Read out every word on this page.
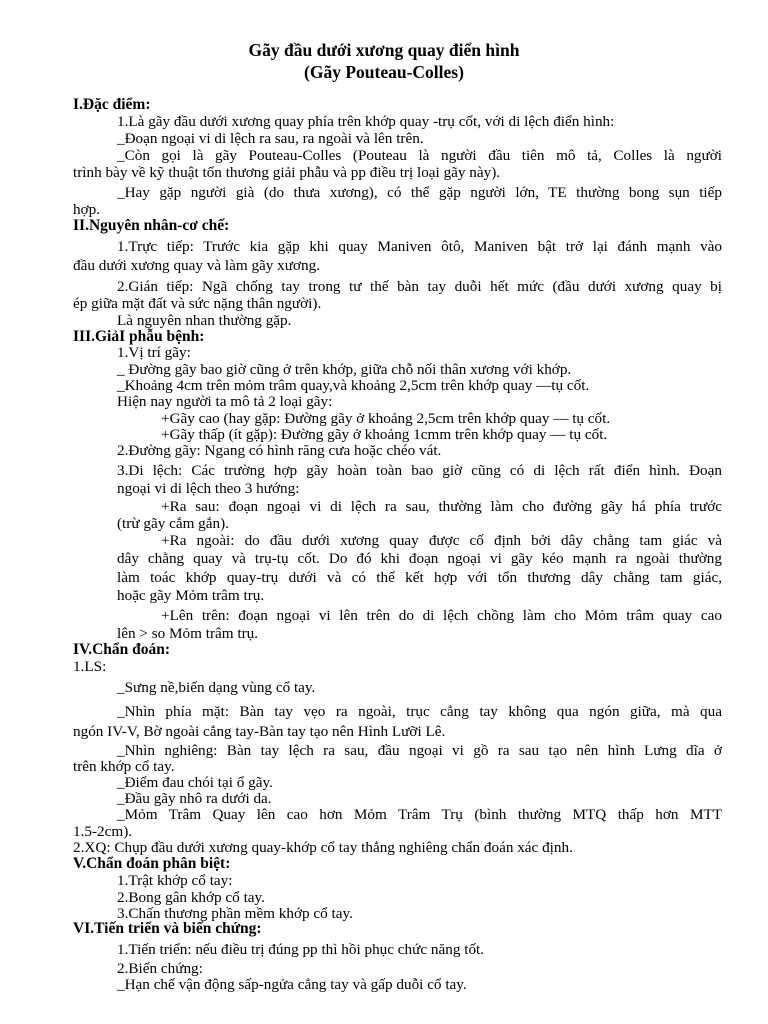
Gãy đầu dưới xương quay điển hình
(Gãy Pouteau-Colles)
I.Đặc điểm:
1.Là gãy đầu dưới xương quay phía trên khớp quay -trụ cốt, với di lệch điển hình:
_Đoạn ngoại vi di lệch ra sau, ra ngoài và lên trên.
_Còn gọi là gãy Pouteau-Colles (Pouteau là người đầu tiên mô tả, Colles là người
trình bày về kỹ thuật tổn thương giải phẫu và pp điều trị loại gãy này).
_Hay gặp người già (do thưa xương), có thể gặp người lớn, TE thường bong sụn tiếp
hợp.
II.Nguyên nhân-cơ chế:
1.Trực tiếp: Trước kia gặp khi quay Maniven ôtô, Maniven bật trở lại đánh mạnh vào
đầu dưới xương quay và làm gãy xương.
2.Gián tiếp: Ngã chống tay trong tư thế bàn tay duỗi hết mức (đầu dưới xương quay bị
ép giữa mặt đất và sức nặng thân người).
Là nguyên nhan thường gặp.
III.GiảI phẫu bệnh:
1.Vị trí gãy:
_ Đường gãy bao giờ cũng ở trên khớp, giữa chỗ nối thân xương với khớp.
_Khoảng 4cm trên mỏm trâm quay,và khoảng 2,5cm trên khớp quay —tụ cốt.
Hiện nay người ta mô tả 2 loại gãy:
+Gãy cao (hay gặp: Đường gãy ở khoảng 2,5cm trên khớp quay — tụ cốt.
+Gãy thấp (ít gặp): Đường gãy ở khoảng 1cmm trên khớp quay — tụ cốt.
2.Đường gãy: Ngang có hình răng cưa hoặc chéo vát.
3.Di lệch: Các trường hợp gãy hoàn toàn bao giờ cũng có di lệch rất điển hình. Đoạn
ngoại vi di lệch theo 3 hướng:
+Ra sau: đoạn ngoại vi di lệch ra sau, thường làm cho đường gãy há phía trước
(trừ gãy cắm gắn).
+Ra ngoài: do đầu dưới xương quay được cố định bởi dây chằng tam giác và
dây chằng quay và trụ-tụ cốt. Do đó khi đoạn ngoại vi gãy kéo mạnh ra ngoài thường
làm toác khớp quay-trụ dưới và có thể kết hợp với tổn thương dây chằng tam giác,
hoặc gãy Mỏm trâm trụ.
+Lên trên: đoạn ngoại vi lên trên do di lệch chồng làm cho Mỏm trâm quay cao
lên > so Mỏm trâm trụ.
IV.Chẩn đoán:
1.LS:
_Sưng nề,biến dạng vùng cổ tay.
_Nhìn phía mặt: Bàn tay vẹo ra ngoài, trục cẳng tay không qua ngón giữa, mà qua
ngón IV-V, Bờ ngoài cẳng tay-Bàn tay tạo nên Hình Lưỡi Lê.
_Nhìn nghiêng: Bàn tay lệch ra sau, đầu ngoại vi gồ ra sau tạo nên hình Lưng dĩa ở
trên khớp cổ tay.
_Điểm đau chói tại ổ gãy.
_Đầu gãy nhô ra dưới da.
_Mỏm Trâm Quay lên cao hơn Mỏm Trâm Trụ (bình thường MTQ thấp hơn MTT
1.5-2cm).
2.XQ: Chụp đầu dưới xương quay-khớp cổ tay thẳng nghiêng chẩn đoán xác định.
V.Chẩn đoán phân biệt:
1.Trật khớp cổ tay:
2.Bong gân khớp cổ tay.
3.Chấn thương phần mềm khớp cổ tay.
VI.Tiến triển và biến chứng:
1.Tiến triển: nếu điều trị đúng pp thì hồi phục chức năng tốt.
2.Biến chứng:
_Hạn chế vận động sấp-ngửa cẳng tay và gấp duỗi cổ tay.
